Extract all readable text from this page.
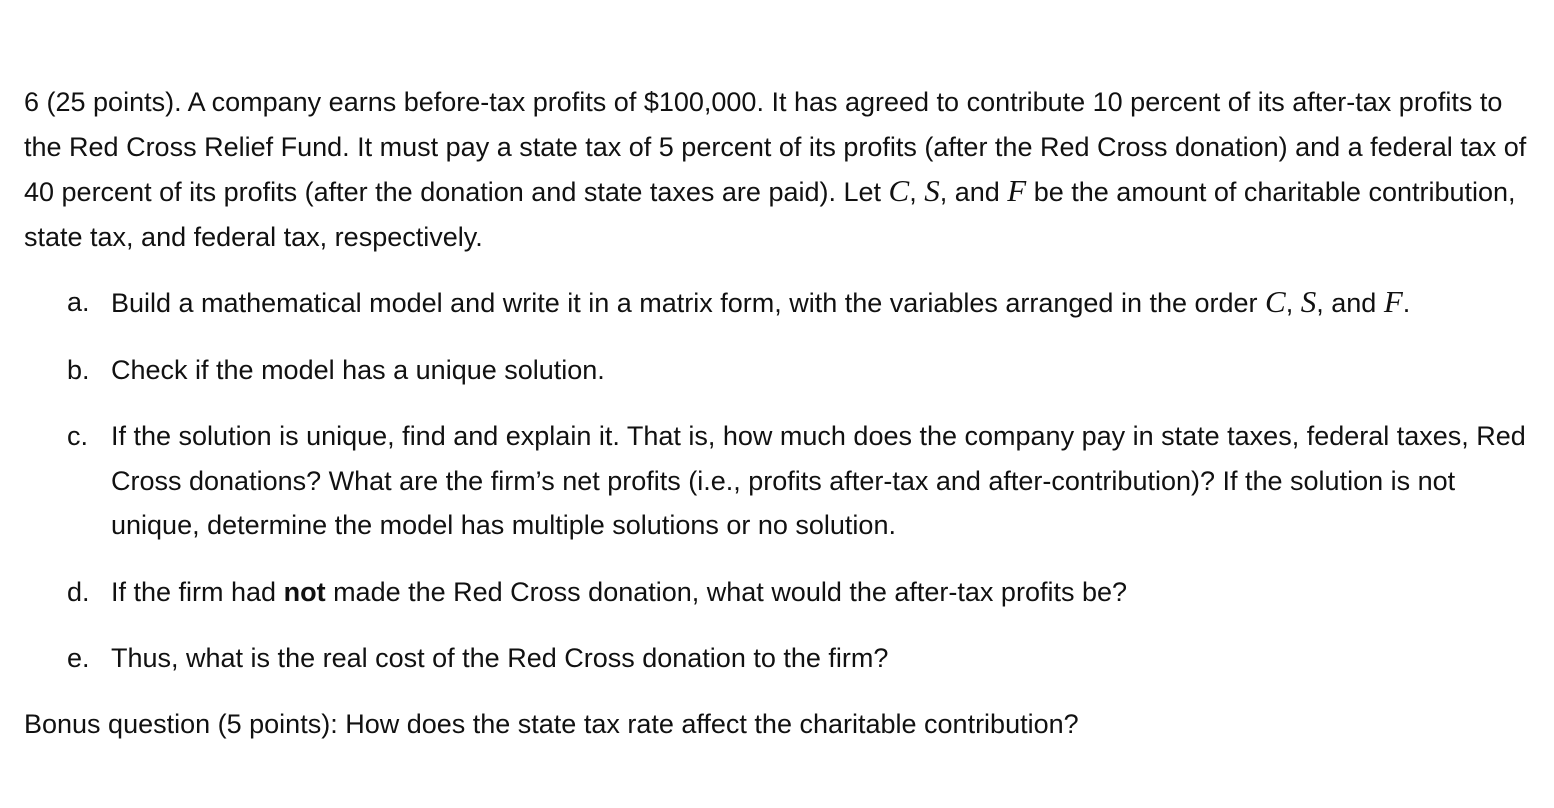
6 (25 points). A company earns before-tax profits of $100,000. It has agreed to contribute 10 percent of its after-tax profits to the Red Cross Relief Fund. It must pay a state tax of 5 percent of its profits (after the Red Cross donation) and a federal tax of 40 percent of its profits (after the donation and state taxes are paid). Let C, S, and F be the amount of charitable contribution, state tax, and federal tax, respectively.

a. Build a mathematical model and write it in a matrix form, with the variables arranged in the order C, S, and F.
b. Check if the model has a unique solution.
c. If the solution is unique, find and explain it. That is, how much does the company pay in state taxes, federal taxes, Red Cross donations? What are the firm’s net profits (i.e., profits after-tax and after-contribution)? If the solution is not unique, determine the model has multiple solutions or no solution.
d. If the firm had not made the Red Cross donation, what would the after-tax profits be?
e. Thus, what is the real cost of the Red Cross donation to the firm?

Bonus question (5 points): How does the state tax rate affect the charitable contribution?
